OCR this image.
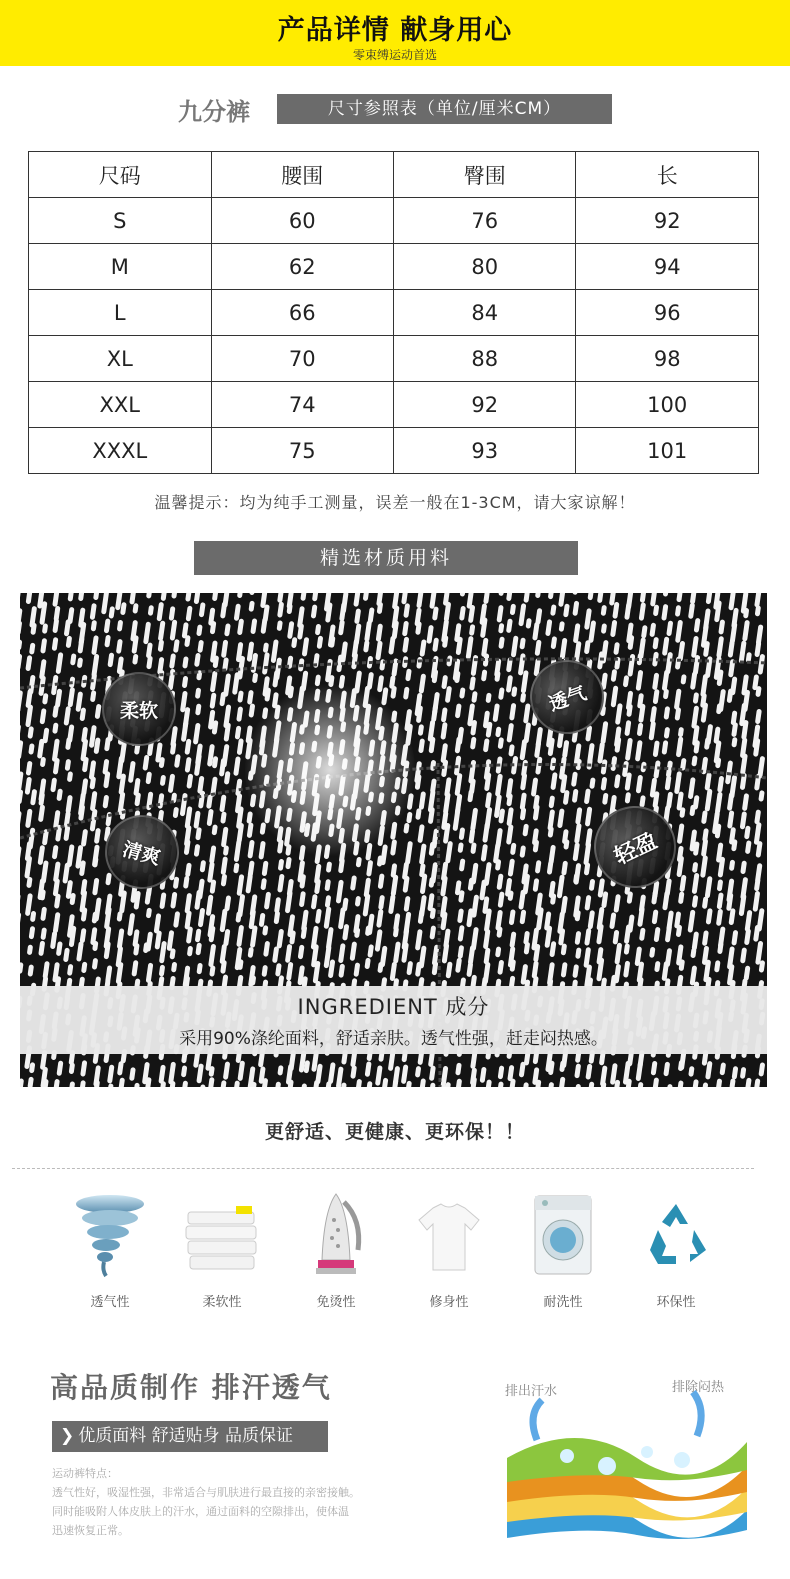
产品详情 献身用心
零束缚运动首选
九分裤	尺寸参照表（单位/厘米CM）
尺码	腰围	臀围	长
S	60	76	92
M	62	80	94
L	66	84	96
XL	70	88	98
XXL	74	92	100
XXXL	75	93	101
温馨提示：均为纯手工测量，误差一般在1-3CM，请大家谅解！
精选材质用料
柔软	透气
清爽	轻盈
INGREDIENT 成分
采用90%涤纶面料，舒适亲肤。透气性强，赶走闷热感。
更舒适、更健康、更环保！！
透气性	柔软性	免烫性	修身性	耐洗性	环保性
高品质制作 排汗透气
❯ 优质面料 舒适贴身 品质保证
运动裤特点：
透气性好，吸湿性强，非常适合与肌肤进行最直接的亲密接触。
同时能吸附人体皮肤上的汗水，通过面料的空隙排出，使体温
迅速恢复正常。
排出汗水	排除闷热
